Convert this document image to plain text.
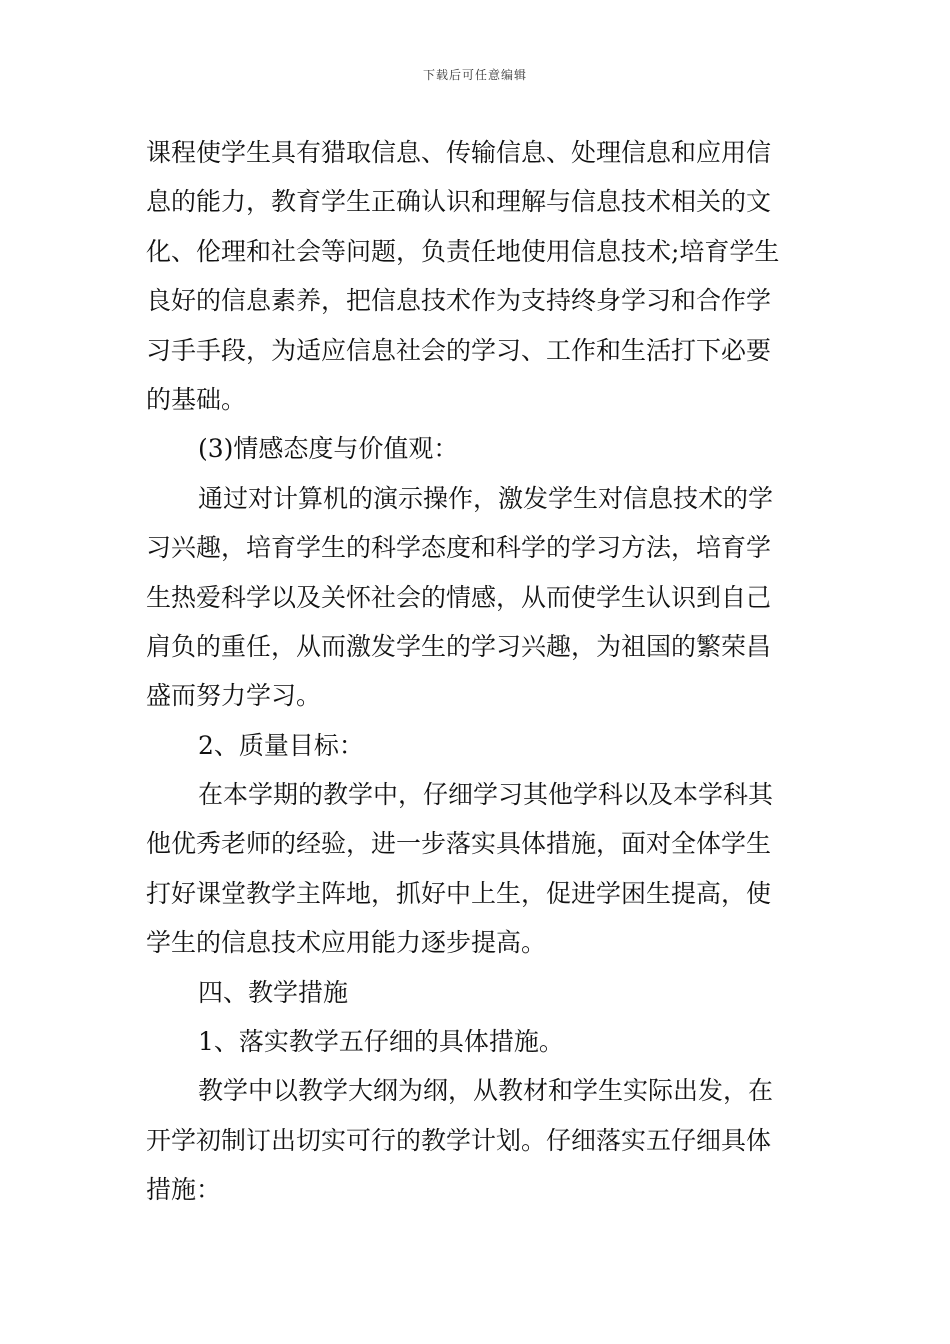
下载后可任意编辑
课程使学生具有猎取信息、传输信息、处理信息和应用信
息的能力，教育学生正确认识和理解与信息技术相关的文
化、伦理和社会等问题，负责任地使用信息技术;培育学生
良好的信息素养，把信息技术作为支持终身学习和合作学
习手手段，为适应信息社会的学习、工作和生活打下必要
的基础。
(3)情感态度与价值观：
通过对计算机的演示操作，激发学生对信息技术的学
习兴趣，培育学生的科学态度和科学的学习方法，培育学
生热爱科学以及关怀社会的情感，从而使学生认识到自己
肩负的重任，从而激发学生的学习兴趣，为祖国的繁荣昌
盛而努力学习。
2、质量目标：
在本学期的教学中，仔细学习其他学科以及本学科其
他优秀老师的经验，进一步落实具体措施，面对全体学生
打好课堂教学主阵地，抓好中上生，促进学困生提高，使
学生的信息技术应用能力逐步提高。
四、教学措施
1、落实教学五仔细的具体措施。
教学中以教学大纲为纲，从教材和学生实际出发，在
开学初制订出切实可行的教学计划。仔细落实五仔细具体
措施：
